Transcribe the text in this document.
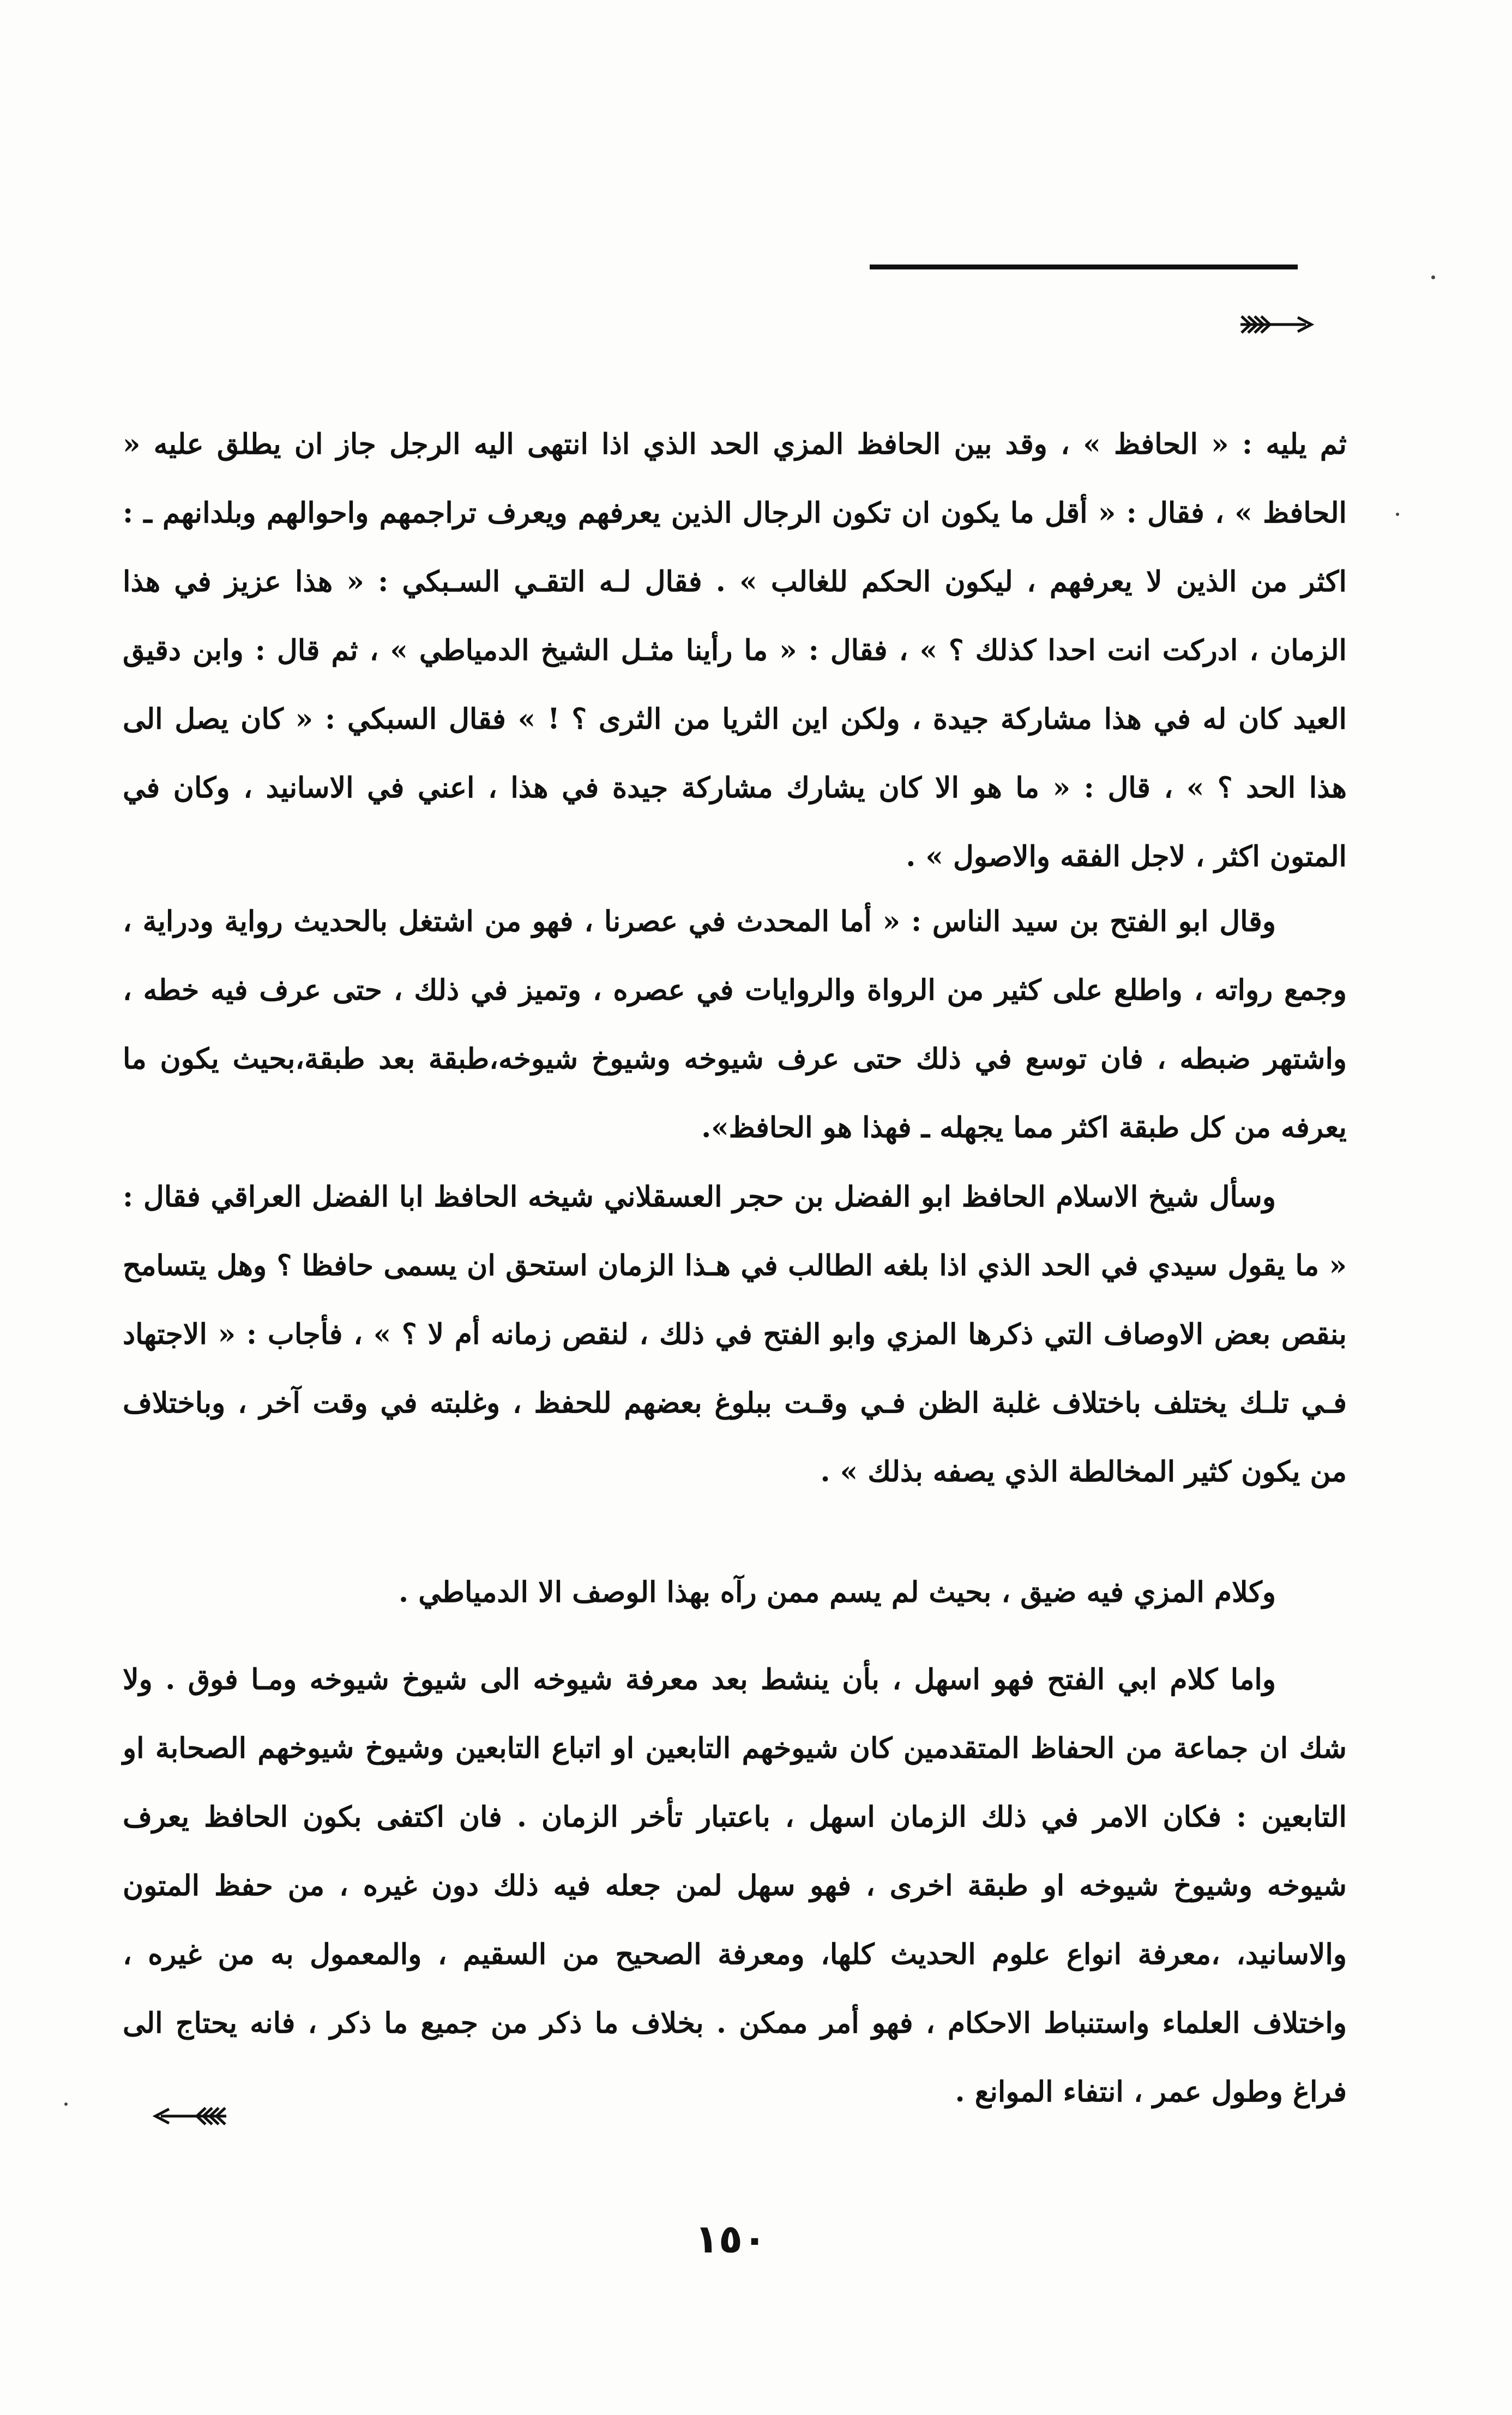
ثم يليه : « الحافظ » ، وقد بين الحافظ المزي الحد الذي اذا انتهى اليه الرجل جاز ان يطلق عليه « الحافظ » ، فقال : « أقل ما يكون ان تكون الرجال الذين يعرفهم ويعرف تراجمهم واحوالهم وبلدانهم ـ : اكثر من الذين لا يعرفهم ، ليكون الحكم للغالب » . فقال لـه التقـي السـبكي : « هذا عزيز في هذا الزمان ، ادركت انت احدا كذلك ؟ » ، فقال : « ما رأينا مثـل الشيخ الدمياطي » ، ثم قال : وابن دقيق العيد كان له في هذا مشاركة جيدة ، ولكن اين الثريا من الثرى ؟ ! » فقال السبكي : « كان يصل الى هذا الحد ؟ » ، قال : « ما هو الا كان يشارك مشاركة جيدة في هذا ، اعني في الاسانيد ، وكان في المتون اكثر ، لاجل الفقه والاصول » .

وقال ابو الفتح بن سيد الناس : « أما المحدث في عصرنا ، فهو من اشتغل بالحديث رواية ودراية ، وجمع رواته ، واطلع على كثير من الرواة والروايات في عصره ، وتميز في ذلك ، حتى عرف فيه خطه ، واشتهر ضبطه ، فان توسع في ذلك حتى عرف شيوخه وشيوخ شيوخه،طبقة بعد طبقة،بحيث يكون ما يعرفه من كل طبقة اكثر مما يجهله ـ فهذا هو الحافظ».

وسأل شيخ الاسلام الحافظ ابو الفضل بن حجر العسقلاني شيخه الحافظ ابا الفضل العراقي فقال : « ما يقول سيدي في الحد الذي اذا بلغه الطالب في هـذا الزمان استحق ان يسمى حافظا ؟ وهل يتسامح بنقص بعض الاوصاف التي ذكرها المزي وابو الفتح في ذلك ، لنقص زمانه أم لا ؟ » ، فأجاب : « الاجتهاد فـي تلـك يختلف باختلاف غلبة الظن فـي وقـت ببلوغ بعضهم للحفظ ، وغلبته في وقت آخر ، وباختلاف من يكون كثير المخالطة الذي يصفه بذلك » .

وكلام المزي فيه ضيق ، بحيث لم يسم ممن رآه بهذا الوصف الا الدمياطي .

واما كلام ابي الفتح فهو اسهل ، بأن ينشط بعد معرفة شيوخه الى شيوخ شيوخه ومـا فوق . ولا شك ان جماعة من الحفاظ المتقدمين كان شيوخهم التابعين او اتباع التابعين وشيوخ شيوخهم الصحابة او التابعين : فكان الامر في ذلك الزمان اسهل ، باعتبار تأخر الزمان . فان اكتفى بكون الحافظ يعرف شيوخه وشيوخ شيوخه او طبقة اخرى ، فهو سهل لمن جعله فيه ذلك دون غيره ، من حفظ المتون والاسانيد، ،معرفة انواع علوم الحديث كلها، ومعرفة الصحيح من السقيم ، والمعمول به من غيره ، واختلاف العلماء واستنباط الاحكام ، فهو أمر ممكن . بخلاف ما ذكر من جميع ما ذكر ، فانه يحتاج الى فراغ وطول عمر ، انتفاء الموانع .

١٥٠
